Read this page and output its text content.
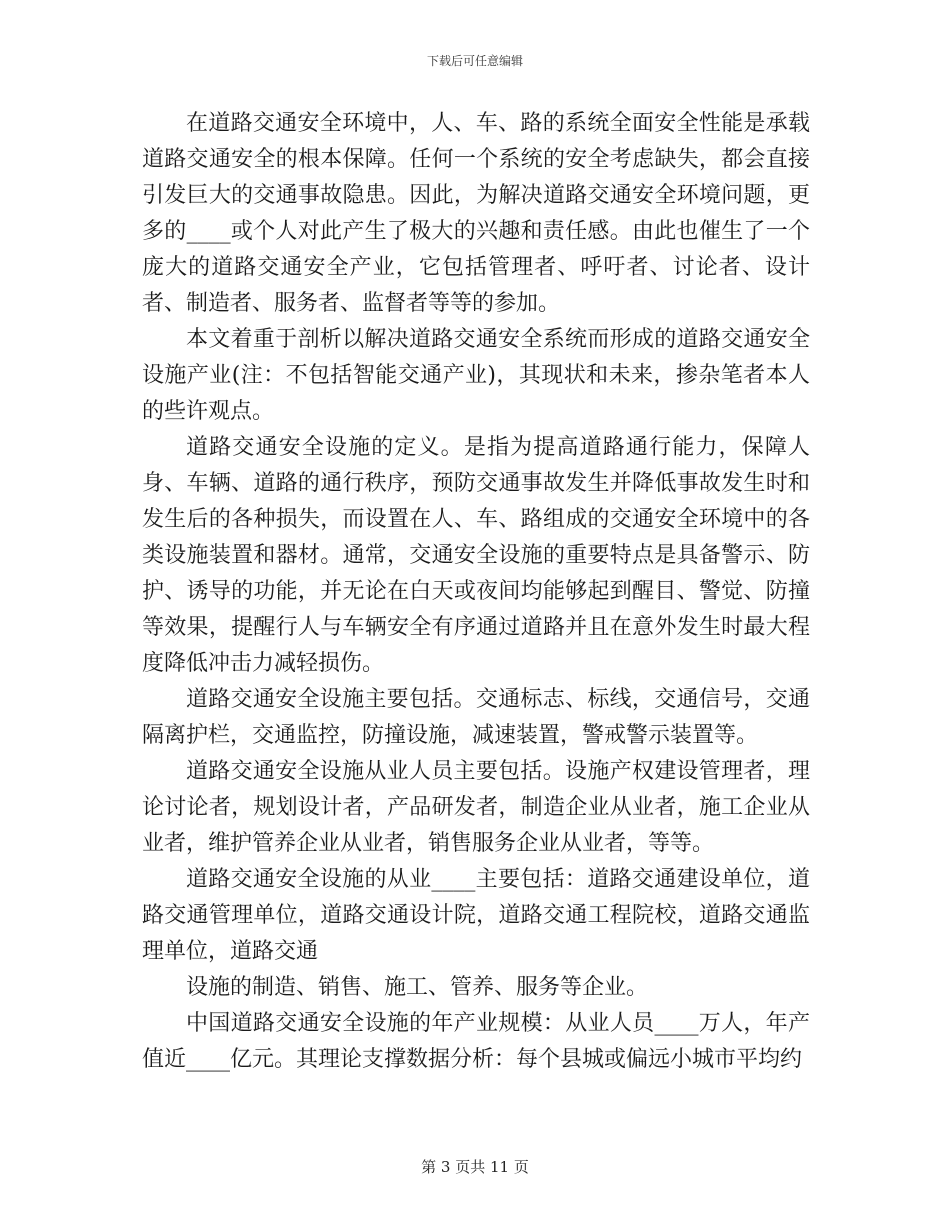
下载后可任意编辑

在道路交通安全环境中，人、车、路的系统全面安全性能是承载道路交通安全的根本保障。任何一个系统的安全考虑缺失，都会直接引发巨大的交通事故隐患。因此，为解决道路交通安全环境问题，更多的____或个人对此产生了极大的兴趣和责任感。由此也催生了一个庞大的道路交通安全产业，它包括管理者、呼吁者、讨论者、设计者、制造者、服务者、监督者等等的参加。

本文着重于剖析以解决道路交通安全系统而形成的道路交通安全设施产业(注：不包括智能交通产业)，其现状和未来，掺杂笔者本人的些许观点。

道路交通安全设施的定义。是指为提高道路通行能力，保障人身、车辆、道路的通行秩序，预防交通事故发生并降低事故发生时和发生后的各种损失，而设置在人、车、路组成的交通安全环境中的各类设施装置和器材。通常，交通安全设施的重要特点是具备警示、防护、诱导的功能，并无论在白天或夜间均能够起到醒目、警觉、防撞等效果，提醒行人与车辆安全有序通过道路并且在意外发生时最大程度降低冲击力减轻损伤。

道路交通安全设施主要包括。交通标志、标线，交通信号，交通隔离护栏，交通监控，防撞设施，减速装置，警戒警示装置等。

道路交通安全设施从业人员主要包括。设施产权建设管理者，理论讨论者，规划设计者，产品研发者，制造企业从业者，施工企业从业者，维护管养企业从业者，销售服务企业从业者，等等。

道路交通安全设施的从业____主要包括：道路交通建设单位，道路交通管理单位，道路交通设计院，道路交通工程院校，道路交通监理单位，道路交通

设施的制造、销售、施工、管养、服务等企业。

中国道路交通安全设施的年产业规模：从业人员____万人，年产值近____亿元。其理论支撑数据分析：每个县城或偏远小城市平均约

第 3 页共 11 页
